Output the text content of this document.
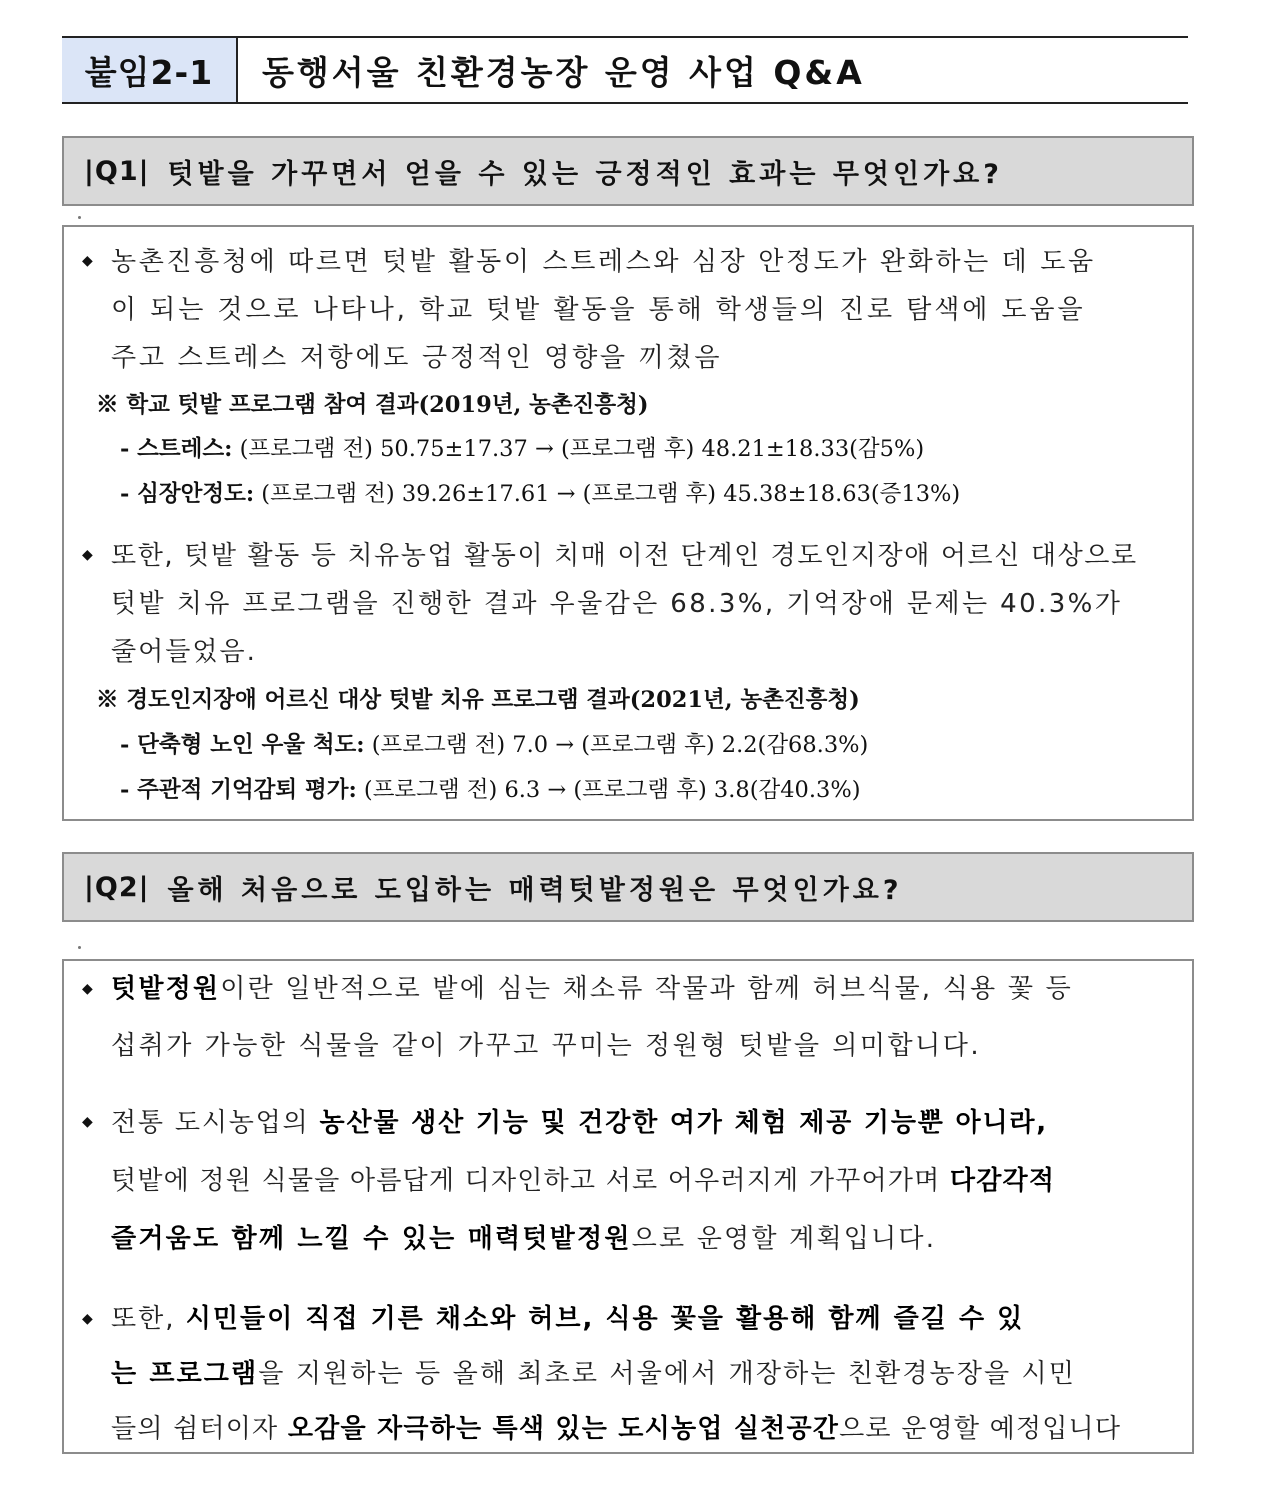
붙임2-1	동행서울 친환경농장 운영 사업 Q&A
|Q1| 텃밭을 가꾸면서 얻을 수 있는 긍정적인 효과는 무엇인가요?
◆ 농촌진흥청에 따르면 텃밭 활동이 스트레스와 심장 안정도가 완화하는 데 도움
이 되는 것으로 나타나, 학교 텃밭 활동을 통해 학생들의 진로 탐색에 도움을
주고 스트레스 저항에도 긍정적인 영향을 끼쳤음
※ 학교 텃밭 프로그램 참여 결과(2019년, 농촌진흥청)
- 스트레스: (프로그램 전) 50.75±17.37 → (프로그램 후) 48.21±18.33(감5%)
- 심장안정도: (프로그램 전) 39.26±17.61 → (프로그램 후) 45.38±18.63(증13%)
◆ 또한, 텃밭 활동 등 치유농업 활동이 치매 이전 단계인 경도인지장애 어르신 대상으로
텃밭 치유 프로그램을 진행한 결과 우울감은 68.3%, 기억장애 문제는 40.3%가
줄어들었음.
※ 경도인지장애 어르신 대상 텃밭 치유 프로그램 결과(2021년, 농촌진흥청)
- 단축형 노인 우울 척도: (프로그램 전) 7.0 → (프로그램 후) 2.2(감68.3%)
- 주관적 기억감퇴 평가: (프로그램 전) 6.3 → (프로그램 후) 3.8(감40.3%)
|Q2| 올해 처음으로 도입하는 매력텃밭정원은 무엇인가요?
◆ 텃밭정원이란 일반적으로 밭에 심는 채소류 작물과 함께 허브식물, 식용 꽃 등
섭취가 가능한 식물을 같이 가꾸고 꾸미는 정원형 텃밭을 의미합니다.
◆ 전통 도시농업의 농산물 생산 기능 및 건강한 여가 체험 제공 기능뿐 아니라,
텃밭에 정원 식물을 아름답게 디자인하고 서로 어우러지게 가꾸어가며 다감각적
즐거움도 함께 느낄 수 있는 매력텃밭정원으로 운영할 계획입니다.
◆ 또한, 시민들이 직접 기른 채소와 허브, 식용 꽃을 활용해 함께 즐길 수 있
는 프로그램을 지원하는 등 올해 최초로 서울에서 개장하는 친환경농장을 시민
들의 쉼터이자 오감을 자극하는 특색 있는 도시농업 실천공간으로 운영할 예정입니다
